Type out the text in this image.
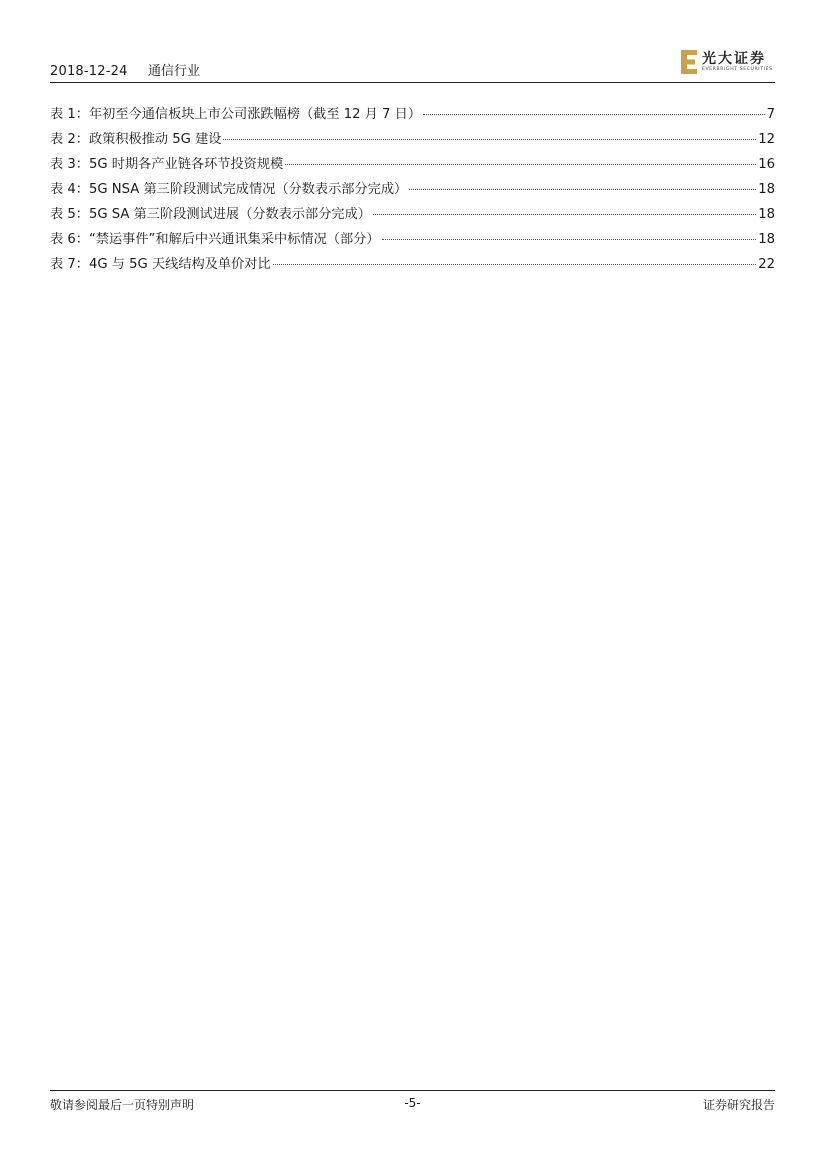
2018-12-24 通信行业
光大证券
EVERBRIGHT SECURITIES
表 1：年初至今通信板块上市公司涨跌幅榜（截至 12 月 7 日）	7
表 2：政策积极推动 5G 建设	12
表 3：5G 时期各产业链各环节投资规模	16
表 4：5G NSA 第三阶段测试完成情况（分数表示部分完成）	18
表 5：5G SA 第三阶段测试进展（分数表示部分完成）	18
表 6：“禁运事件”和解后中兴通讯集采中标情况（部分）	18
表 7：4G 与 5G 天线结构及单价对比	22
敬请参阅最后一页特别声明	-5-	证券研究报告
